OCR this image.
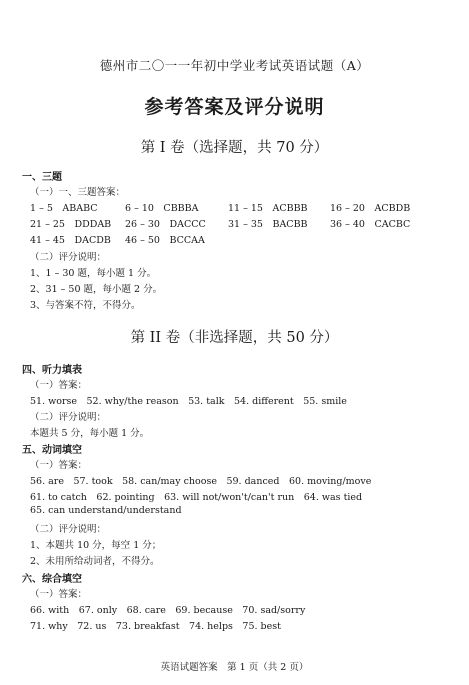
德州市二〇一一年初中学业考试英语试题（A）
参考答案及评分说明
第 I 卷（选择题，共 70 分）
一、三题
（一）一、三题答案：
1 – 5　ABABC	6 – 10　CBBBA	11 – 15　ACBBB 16 – 20　ACBDB
21 – 25　DDDAB 26 – 30　DACCC 31 – 35　BACBB 36 – 40　CACBC
41 – 45　DACDB 46 – 50　BCCAA
（二）评分说明：
1、1 – 30 题，每小题 1 分。
2、31 – 50 题，每小题 2 分。
3、与答案不符，不得分。
第 II 卷（非选择题，共 50 分）
四、听力填表
（一）答案：
51. worse　52. why/the reason　53. talk　54. different　55. smile
（二）评分说明：
本题共 5 分，每小题 1 分。
五、动词填空
（一）答案：
56. are　57. took　58. can/may choose　59. danced　60. moving/move
61. to catch　62. pointing　63. will not/won't/can't run　64. was tied
65. can understand/understand
（二）评分说明：
1、本题共 10 分，每空 1 分；
2、未用所给动词者，不得分。
六、综合填空
（一）答案：
66. with　67. only　68. care　69. because　70. sad/sorry
71. why　72. us　73. breakfast　74. helps　75. best
英语试题答案　第 1 页（共 2 页）
